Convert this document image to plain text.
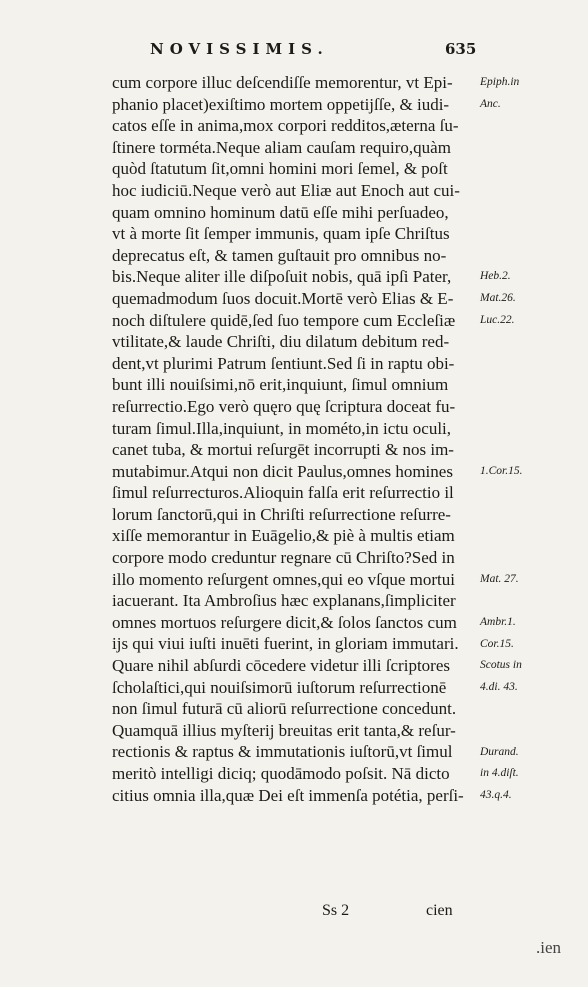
NOVISSIMIS.	635
cum corpore illuc deſcendiſſe memorentur, vt Epi-
phanio placet)exiſtimo mortem oppetijſſe, & iudi-
catos eſſe in anima,mox corpori redditos,æterna ſu-
ſtinere torméta.Neque aliam cauſam requiro,quàm
quòd ſtatutum ſit,omni homini mori ſemel, & poſt
hoc iudiciū.Neque verò aut Eliæ aut Enoch aut cui-
quam omnino hominum datū eſſe mihi perſuadeo,
vt à morte ſit ſemper immunis, quam ipſe Chriſtus
deprecatus eſt, & tamen guſtauit pro omnibus no-
bis.Neque aliter ille diſpoſuit nobis, quā ipſi Pater,
quemadmodum ſuos docuit.Mortē verò Elias & E-
noch diſtulere quidē,ſed ſuo tempore cum Eccleſiæ
vtilitate,& laude Chriſti, diu dilatum debitum red-
dent,vt plurimi Patrum ſentiunt.Sed ſi in raptu obi-
bunt illi nouiſsimi,nō erit,inquiunt, ſimul omnium
reſurrectio.Ego verò quęro quę ſcriptura doceat fu-
turam ſimul.Illa,inquiunt, in mométo,in ictu oculi,
canet tuba, & mortui reſurgēt incorrupti & nos im-
mutabimur.Atqui non dicit Paulus,omnes homines
ſimul reſurrecturos.Alioquin falſa erit reſurrectio il
lorum ſanctorū,qui in Chriſti reſurrectione reſurre-
xiſſe memorantur in Euāgelio,& piè à multis etiam
corpore modo creduntur regnare cū Chriſto?Sed in
illo momento reſurgent omnes,qui eo vſque mortui
iacuerant. Ita Ambroſius hæc explanans,ſimpliciter
omnes mortuos reſurgere dicit,& ſolos ſanctos cum
ijs qui viui iuſti inuēti fuerint, in gloriam immutari.
Quare nihil abſurdi cōcedere videtur illi ſcriptores
ſcholaſtici,qui nouiſsimorū iuſtorum reſurrectionē
non ſimul futurā cū aliorū reſurrectione concedunt.
Quamquā illius myſterij breuitas erit tanta,& reſur-
rectionis & raptus & immutationis iuſtorū,vt ſimul
meritò intelligi diciq; quodāmodo poſsit. Nā dicto
citius omnia illa,quæ Dei eſt immenſa potétia, perſi-
Epiph.in
Anc.
Heb.2.
Mat.26.
Luc.22.
1.Cor.15.
Mat. 27.
Ambr.1.
Cor.15.
Scotus in
4.di. 43.
Durand.
in 4.diſt.
43.q.4.
Ss 2	cien
.ien
